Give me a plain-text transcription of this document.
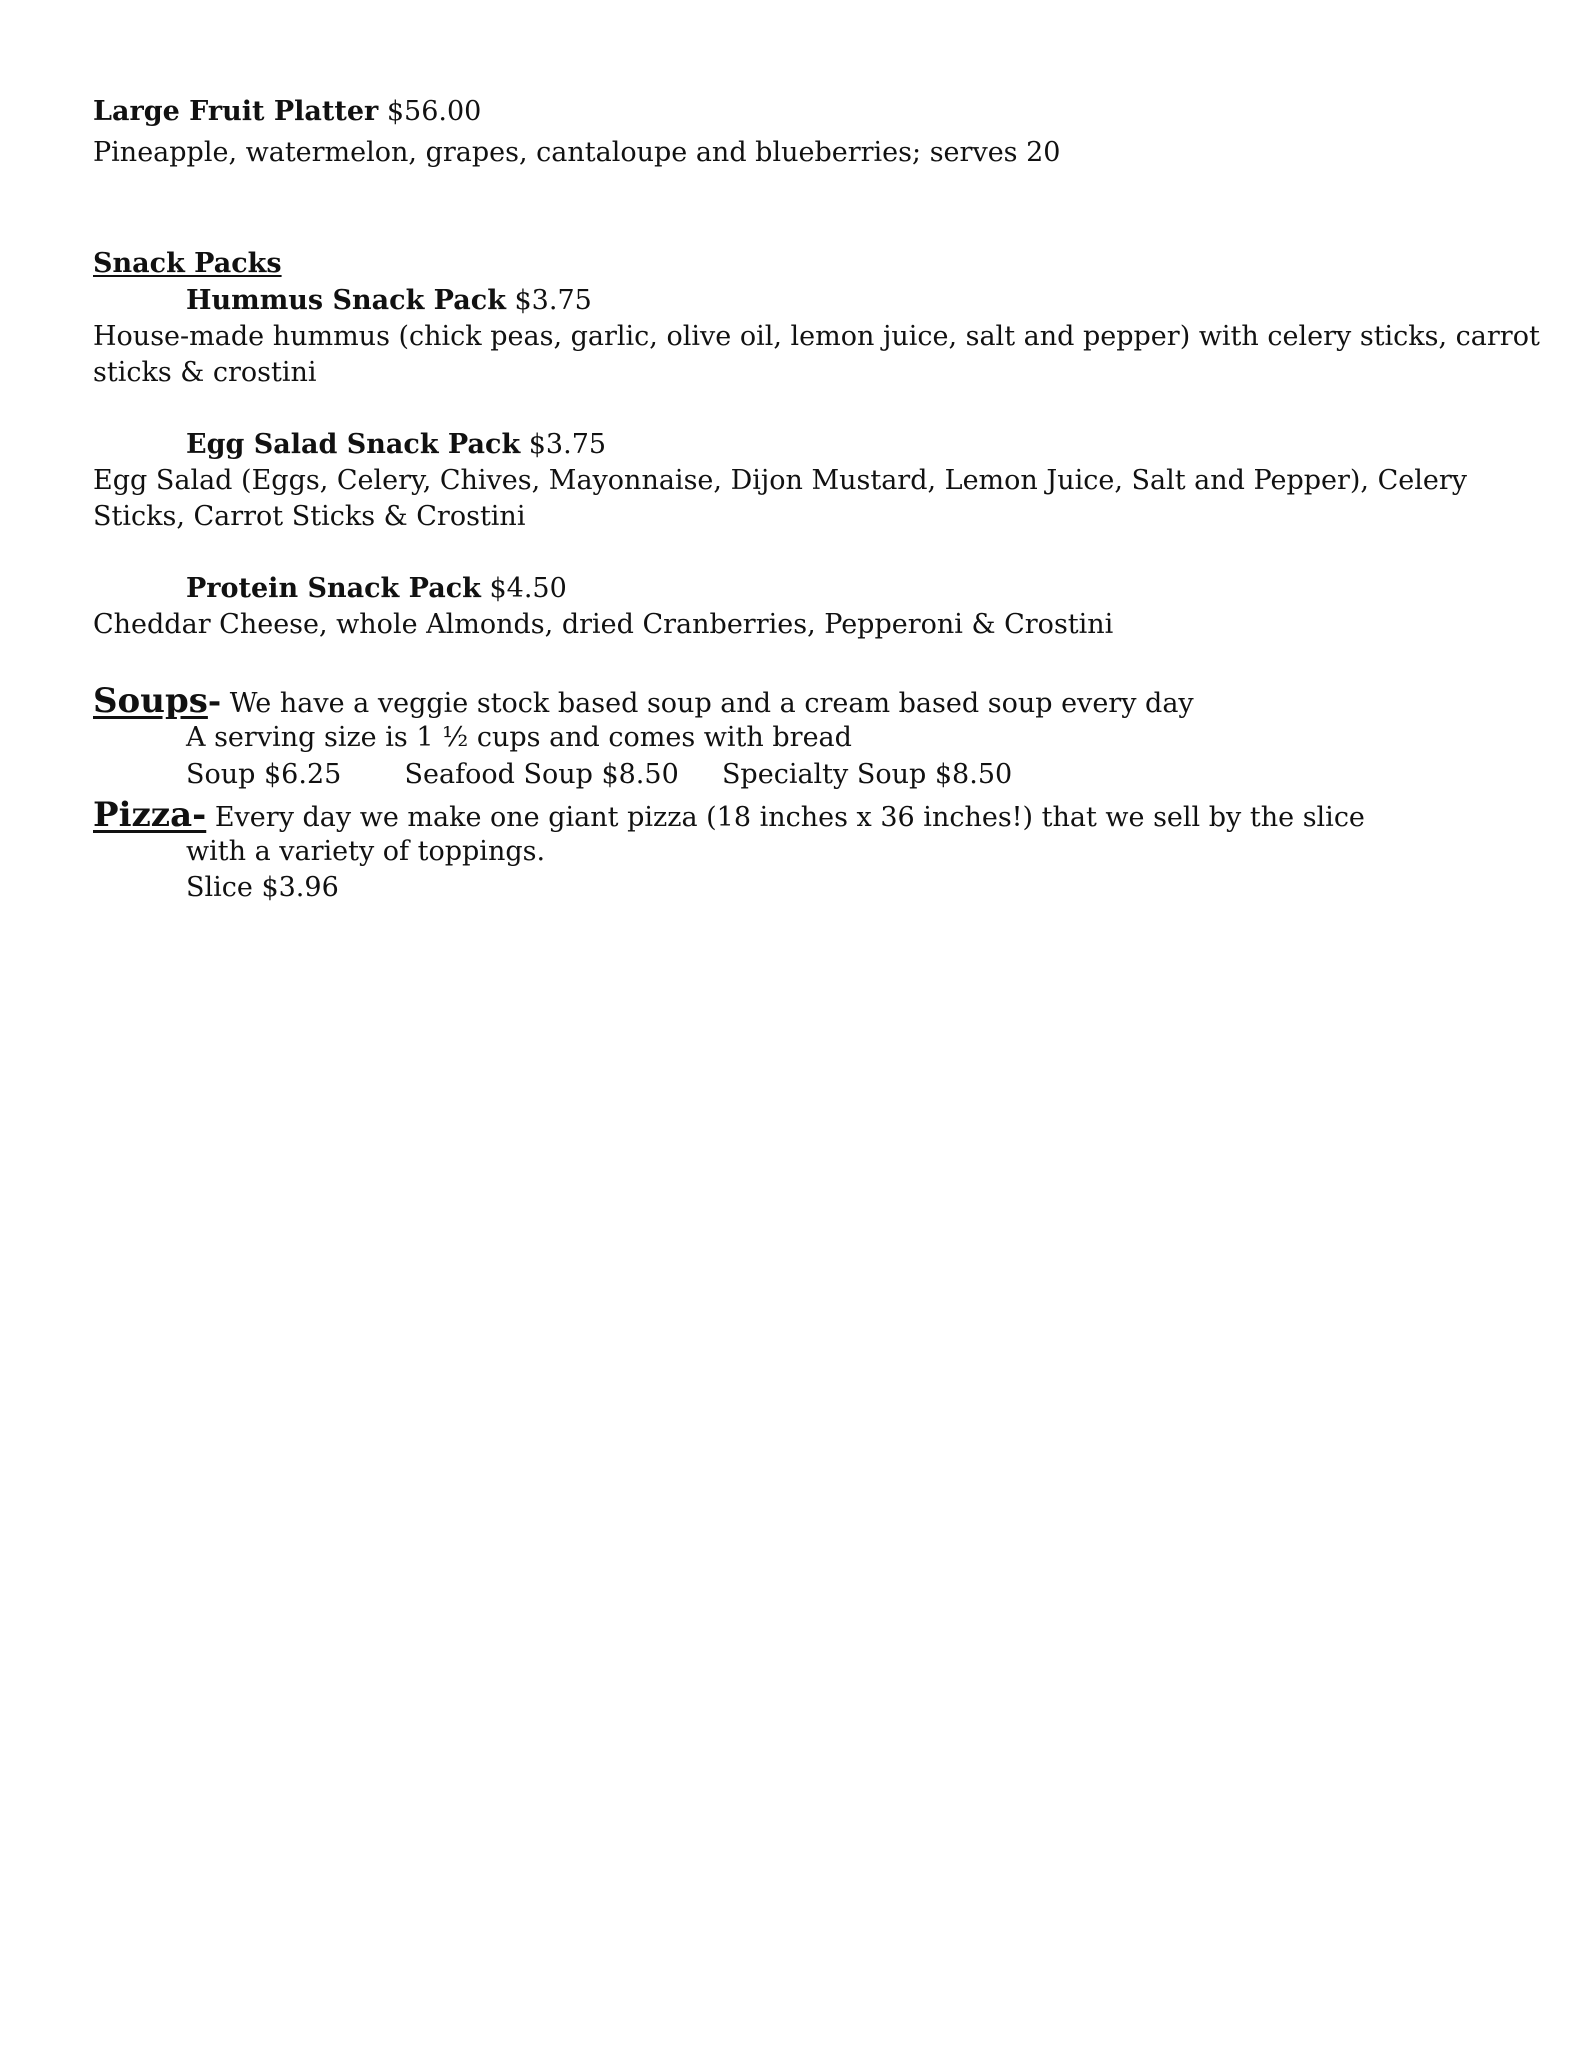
Large Fruit Platter $56.00
Pineapple, watermelon, grapes, cantaloupe and blueberries; serves 20
Snack Packs
Hummus Snack Pack $3.75
House-made hummus (chick peas, garlic, olive oil, lemon juice, salt and pepper) with celery sticks, carrot
sticks & crostini
Egg Salad Snack Pack $3.75
Egg Salad (Eggs, Celery, Chives, Mayonnaise, Dijon Mustard, Lemon Juice, Salt and Pepper), Celery
Sticks, Carrot Sticks & Crostini
Protein Snack Pack $4.50
Cheddar Cheese, whole Almonds, dried Cranberries, Pepperoni & Crostini
Soups- We have a veggie stock based soup and a cream based soup every day
A serving size is 1 ½ cups and comes with bread
Soup $6.25 Seafood Soup $8.50 Specialty Soup $8.50
Pizza- Every day we make one giant pizza (18 inches x 36 inches!) that we sell by the slice
with a variety of toppings.
Slice $3.96
